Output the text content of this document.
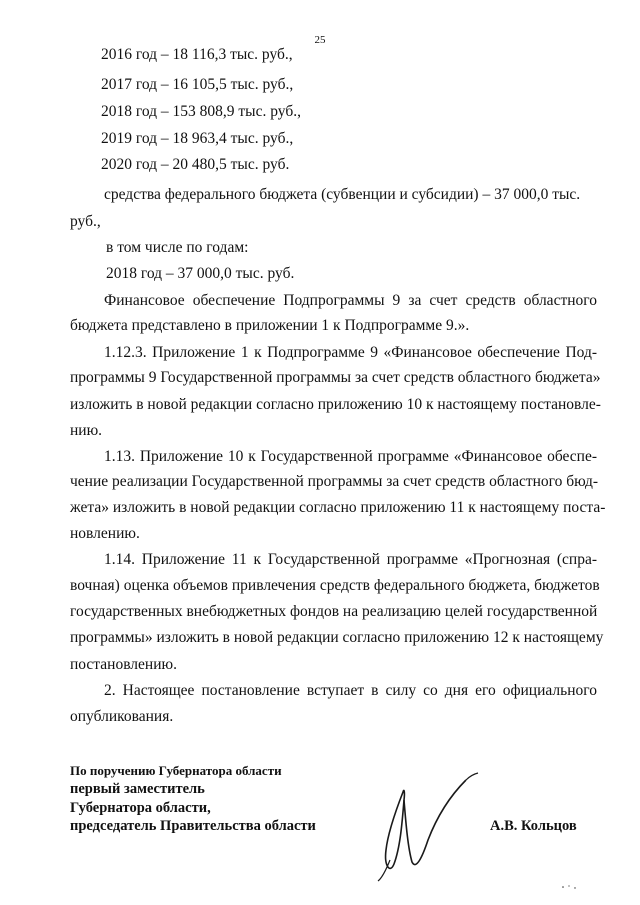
25
2016 год – 18 116,3 тыс. руб.,
2017 год – 16 105,5 тыс. руб.,
2018 год – 153 808,9 тыс. руб.,
2019 год – 18 963,4 тыс. руб.,
2020 год – 20 480,5 тыс. руб.
средства федерального бюджета (субвенции и субсидии) – 37 000,0 тыс.
руб.,
в том числе по годам:
2018 год – 37 000,0 тыс. руб.
Финансовое обеспечение Подпрограммы 9 за счет средств областного
бюджета представлено в приложении 1 к Подпрограмме 9.».
1.12.3. Приложение 1 к Подпрограмме 9 «Финансовое обеспечение Под-
программы 9 Государственной программы за счет средств областного бюджета»
изложить в новой редакции согласно приложению 10 к настоящему постановле-
нию.
1.13. Приложение 10 к Государственной программе «Финансовое обеспе-
чение реализации Государственной программы за счет средств областного бюд-
жета» изложить в новой редакции согласно приложению 11 к настоящему поста-
новлению.
1.14. Приложение 11 к Государственной программе «Прогнозная (спра-
вочная) оценка объемов привлечения средств федерального бюджета, бюджетов
государственных внебюджетных фондов на реализацию целей государственной
программы» изложить в новой редакции согласно приложению 12 к настоящему
постановлению.
2. Настоящее постановление вступает в силу со дня его официального
опубликования.
По поручению Губернатора области
первый заместитель
Губернатора области,
председатель Правительства области	А.В. Кольцов
